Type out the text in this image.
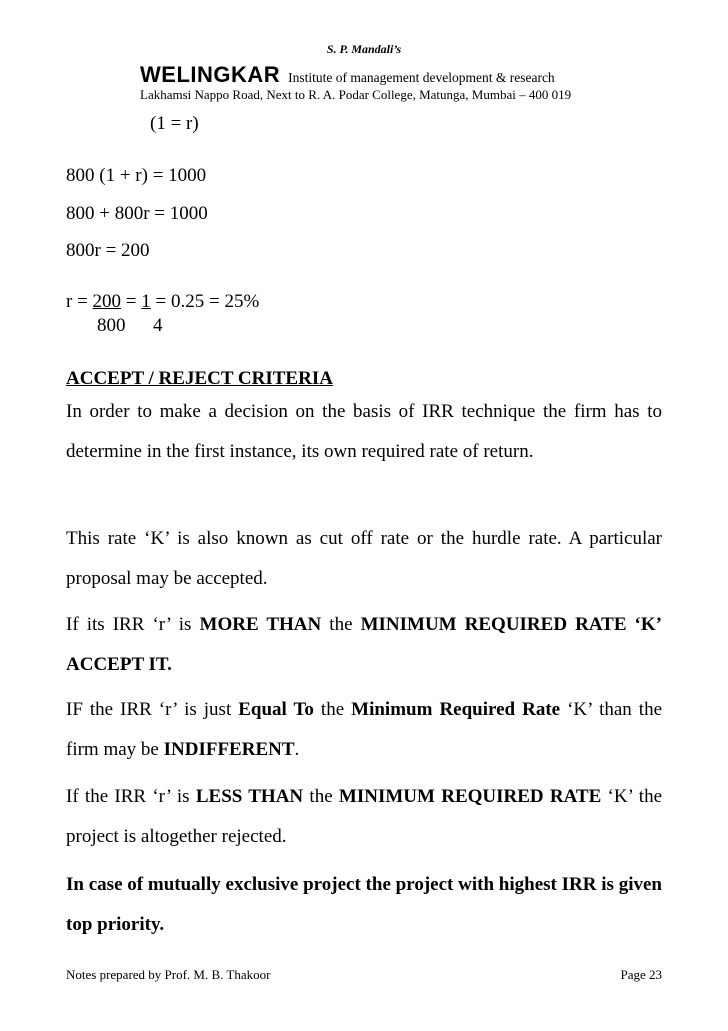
S. P. Mandali’s
WELINGKAR Institute of management development & research
Lakhamsi Nappo Road, Next to R. A. Podar College, Matunga, Mumbai – 400 019
(1 = r)
800 (1 + r) = 1000
800 + 800r = 1000
800r = 200
r = 200 = 1 = 0.25 = 25%
800 4
ACCEPT / REJECT CRITERIA
In order to make a decision on the basis of IRR technique the firm has to determine in the first instance, its own required rate of return.
This rate ‘K’ is also known as cut off rate or the hurdle rate. A particular proposal may be accepted.
If its IRR ‘r’ is MORE THAN the MINIMUM REQUIRED RATE ‘K’ ACCEPT IT.
IF the IRR ‘r’ is just Equal To the Minimum Required Rate ‘K’ than the firm may be INDIFFERENT.
If the IRR ‘r’ is LESS THAN the MINIMUM REQUIRED RATE ‘K’ the project is altogether rejected.
In case of mutually exclusive project the project with highest IRR is given top priority.
Notes prepared by Prof. M. B. Thakoor	Page 23
